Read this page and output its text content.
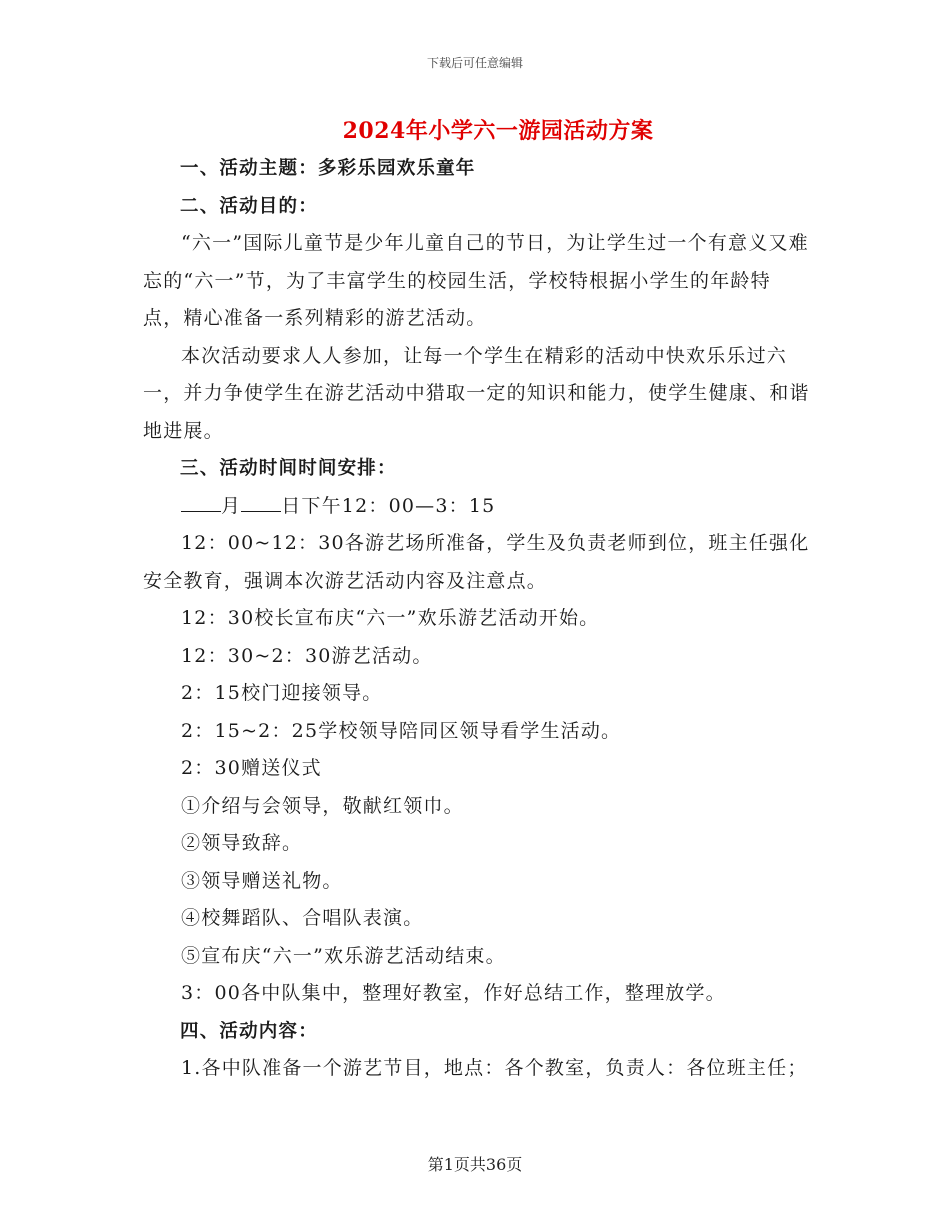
下载后可任意编辑
2024年小学六一游园活动方案

一、活动主题：多彩乐园欢乐童年

二、活动目的：

“六一”国际儿童节是少年儿童自己的节日，为让学生过一个有意义又难忘的“六一”节，为了丰富学生的校园生活，学校特根据小学生的年龄特点，精心准备一系列精彩的游艺活动。

本次活动要求人人参加，让每一个学生在精彩的活动中快欢乐乐过六一，并力争使学生在游艺活动中猎取一定的知识和能力，使学生健康、和谐地进展。

三、活动时间时间安排：

月 日下午12：00—3：15

12：00~12：30各游艺场所准备，学生及负责老师到位，班主任强化安全教育，强调本次游艺活动内容及注意点。

12：30校长宣布庆“六一”欢乐游艺活动开始。

12：30~2：30游艺活动。

2：15校门迎接领导。

2：15~2：25学校领导陪同区领导看学生活动。

2：30赠送仪式

①介绍与会领导，敬献红领巾。

②领导致辞。

③领导赠送礼物。

④校舞蹈队、合唱队表演。

⑤宣布庆“六一”欢乐游艺活动结束。

3：00各中队集中，整理好教室，作好总结工作，整理放学。

四、活动内容：

1.各中队准备一个游艺节目，地点：各个教室，负责人：各位班主任；

第1页共36页
